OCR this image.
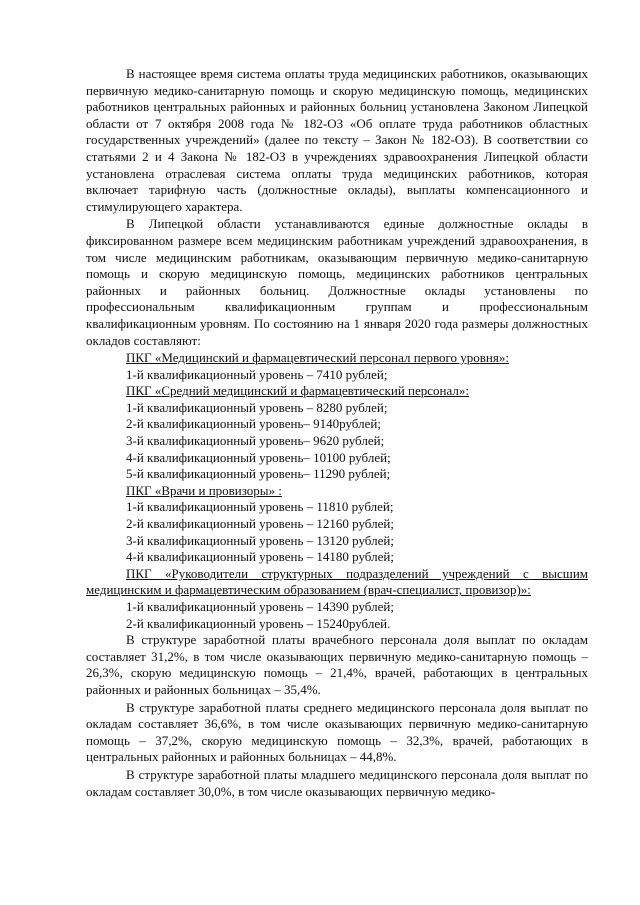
В настоящее время система оплаты труда медицинских работников, оказывающих первичную медико-санитарную помощь и скорую медицинскую помощь, медицинских работников центральных районных и районных больниц установлена Законом Липецкой области от 7 октября 2008 года № 182-ОЗ «Об оплате труда работников областных государственных учреждений» (далее по тексту – Закон № 182-ОЗ). В соответствии со статьями 2 и 4 Закона № 182-ОЗ в учреждениях здравоохранения Липецкой области установлена отраслевая система оплаты труда медицинских работников, которая включает тарифную часть (должностные оклады), выплаты компенсационного и стимулирующего характера.

В Липецкой области устанавливаются единые должностные оклады в фиксированном размере всем медицинским работникам учреждений здравоохранения, в том числе медицинским работникам, оказывающим первичную медико-санитарную помощь и скорую медицинскую помощь, медицинских работников центральных районных и районных больниц. Должностные оклады установлены по профессиональным квалификационным группам и профессиональным квалификационным уровням. По состоянию на 1 января 2020 года размеры должностных окладов составляют:

ПКГ «Медицинский и фармацевтический персонал первого уровня»:

1-й квалификационный уровень – 7410 рублей;

ПКГ «Средний медицинский и фармацевтический персонал»:

1-й квалификационный уровень – 8280 рублей;

2-й квалификационный уровень– 9140рублей;

3-й квалификационный уровень– 9620 рублей;

4-й квалификационный уровень– 10100 рублей;

5-й квалификационный уровень– 11290 рублей;

ПКГ «Врачи и провизоры» :

1-й квалификационный уровень – 11810 рублей;

2-й квалификационный уровень – 12160 рублей;

3-й квалификационный уровень – 13120 рублей;

4-й квалификационный уровень – 14180 рублей;

ПКГ «Руководители структурных подразделений учреждений с высшим медицинским и фармацевтическим образованием (врач-специалист, провизор)»:

1-й квалификационный уровень – 14390 рублей;

2-й квалификационный уровень – 15240рублей.

В структуре заработной платы врачебного персонала доля выплат по окладам составляет 31,2%, в том числе оказывающих первичную медико-санитарную помощь – 26,3%, скорую медицинскую помощь – 21,4%, врачей, работающих в центральных районных и районных больницах – 35,4%.

В структуре заработной платы среднего медицинского персонала доля выплат по окладам составляет 36,6%, в том числе оказывающих первичную медико-санитарную помощь – 37,2%, скорую медицинскую помощь – 32,3%, врачей, работающих в центральных районных и районных больницах – 44,8%.

В структуре заработной платы младшего медицинского персонала доля выплат по окладам составляет 30,0%, в том числе оказывающих первичную медико-
